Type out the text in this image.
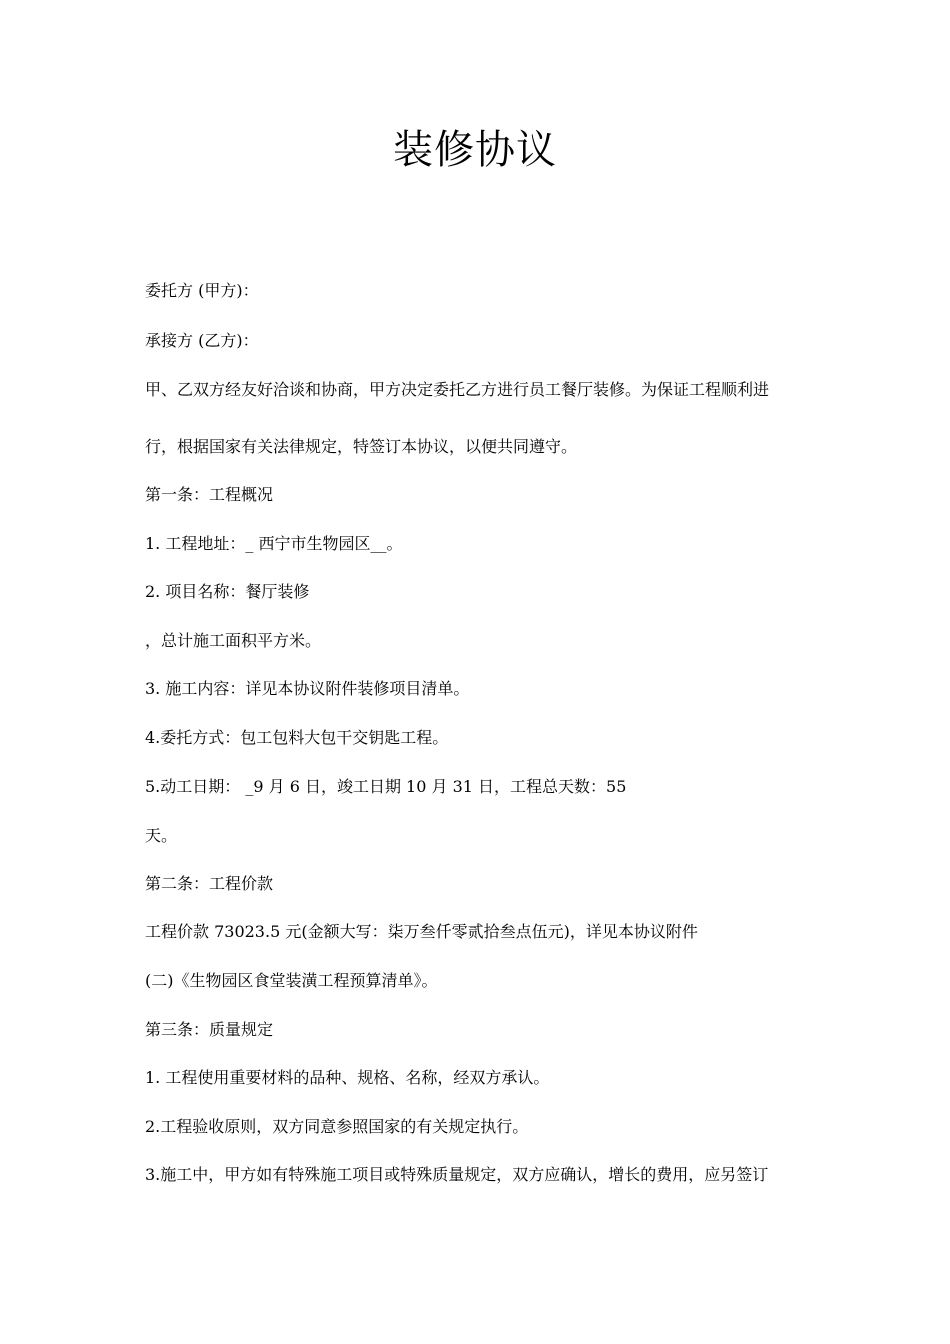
装修协议
委托方 (甲方)：
承接方 (乙方)：
甲、乙双方经友好洽谈和协商，甲方决定委托乙方进行员工餐厅装修。为保证工程顺利进
行，根据国家有关法律规定，特签订本协议，以便共同遵守。
第一条：工程概况
1. 工程地址：_ 西宁市生物园区__。
2. 项目名称：餐厅装修
，总计施工面积平方米。
3. 施工内容：详见本协议附件装修项目清单。
4.委托方式：包工包料大包干交钥匙工程。
5.动工日期： _9 月 6 日，竣工日期 10 月 31 日，工程总天数：55
天。
第二条：工程价款
工程价款 73023.5 元(金额大写：柒万叁仟零贰拾叁点伍元)，详见本协议附件
(二)《生物园区食堂装潢工程预算清单》。
第三条：质量规定
1. 工程使用重要材料的品种、规格、名称，经双方承认。
2.工程验收原则，双方同意参照国家的有关规定执行。
3.施工中，甲方如有特殊施工项目或特殊质量规定，双方应确认，增长的费用，应另签订
